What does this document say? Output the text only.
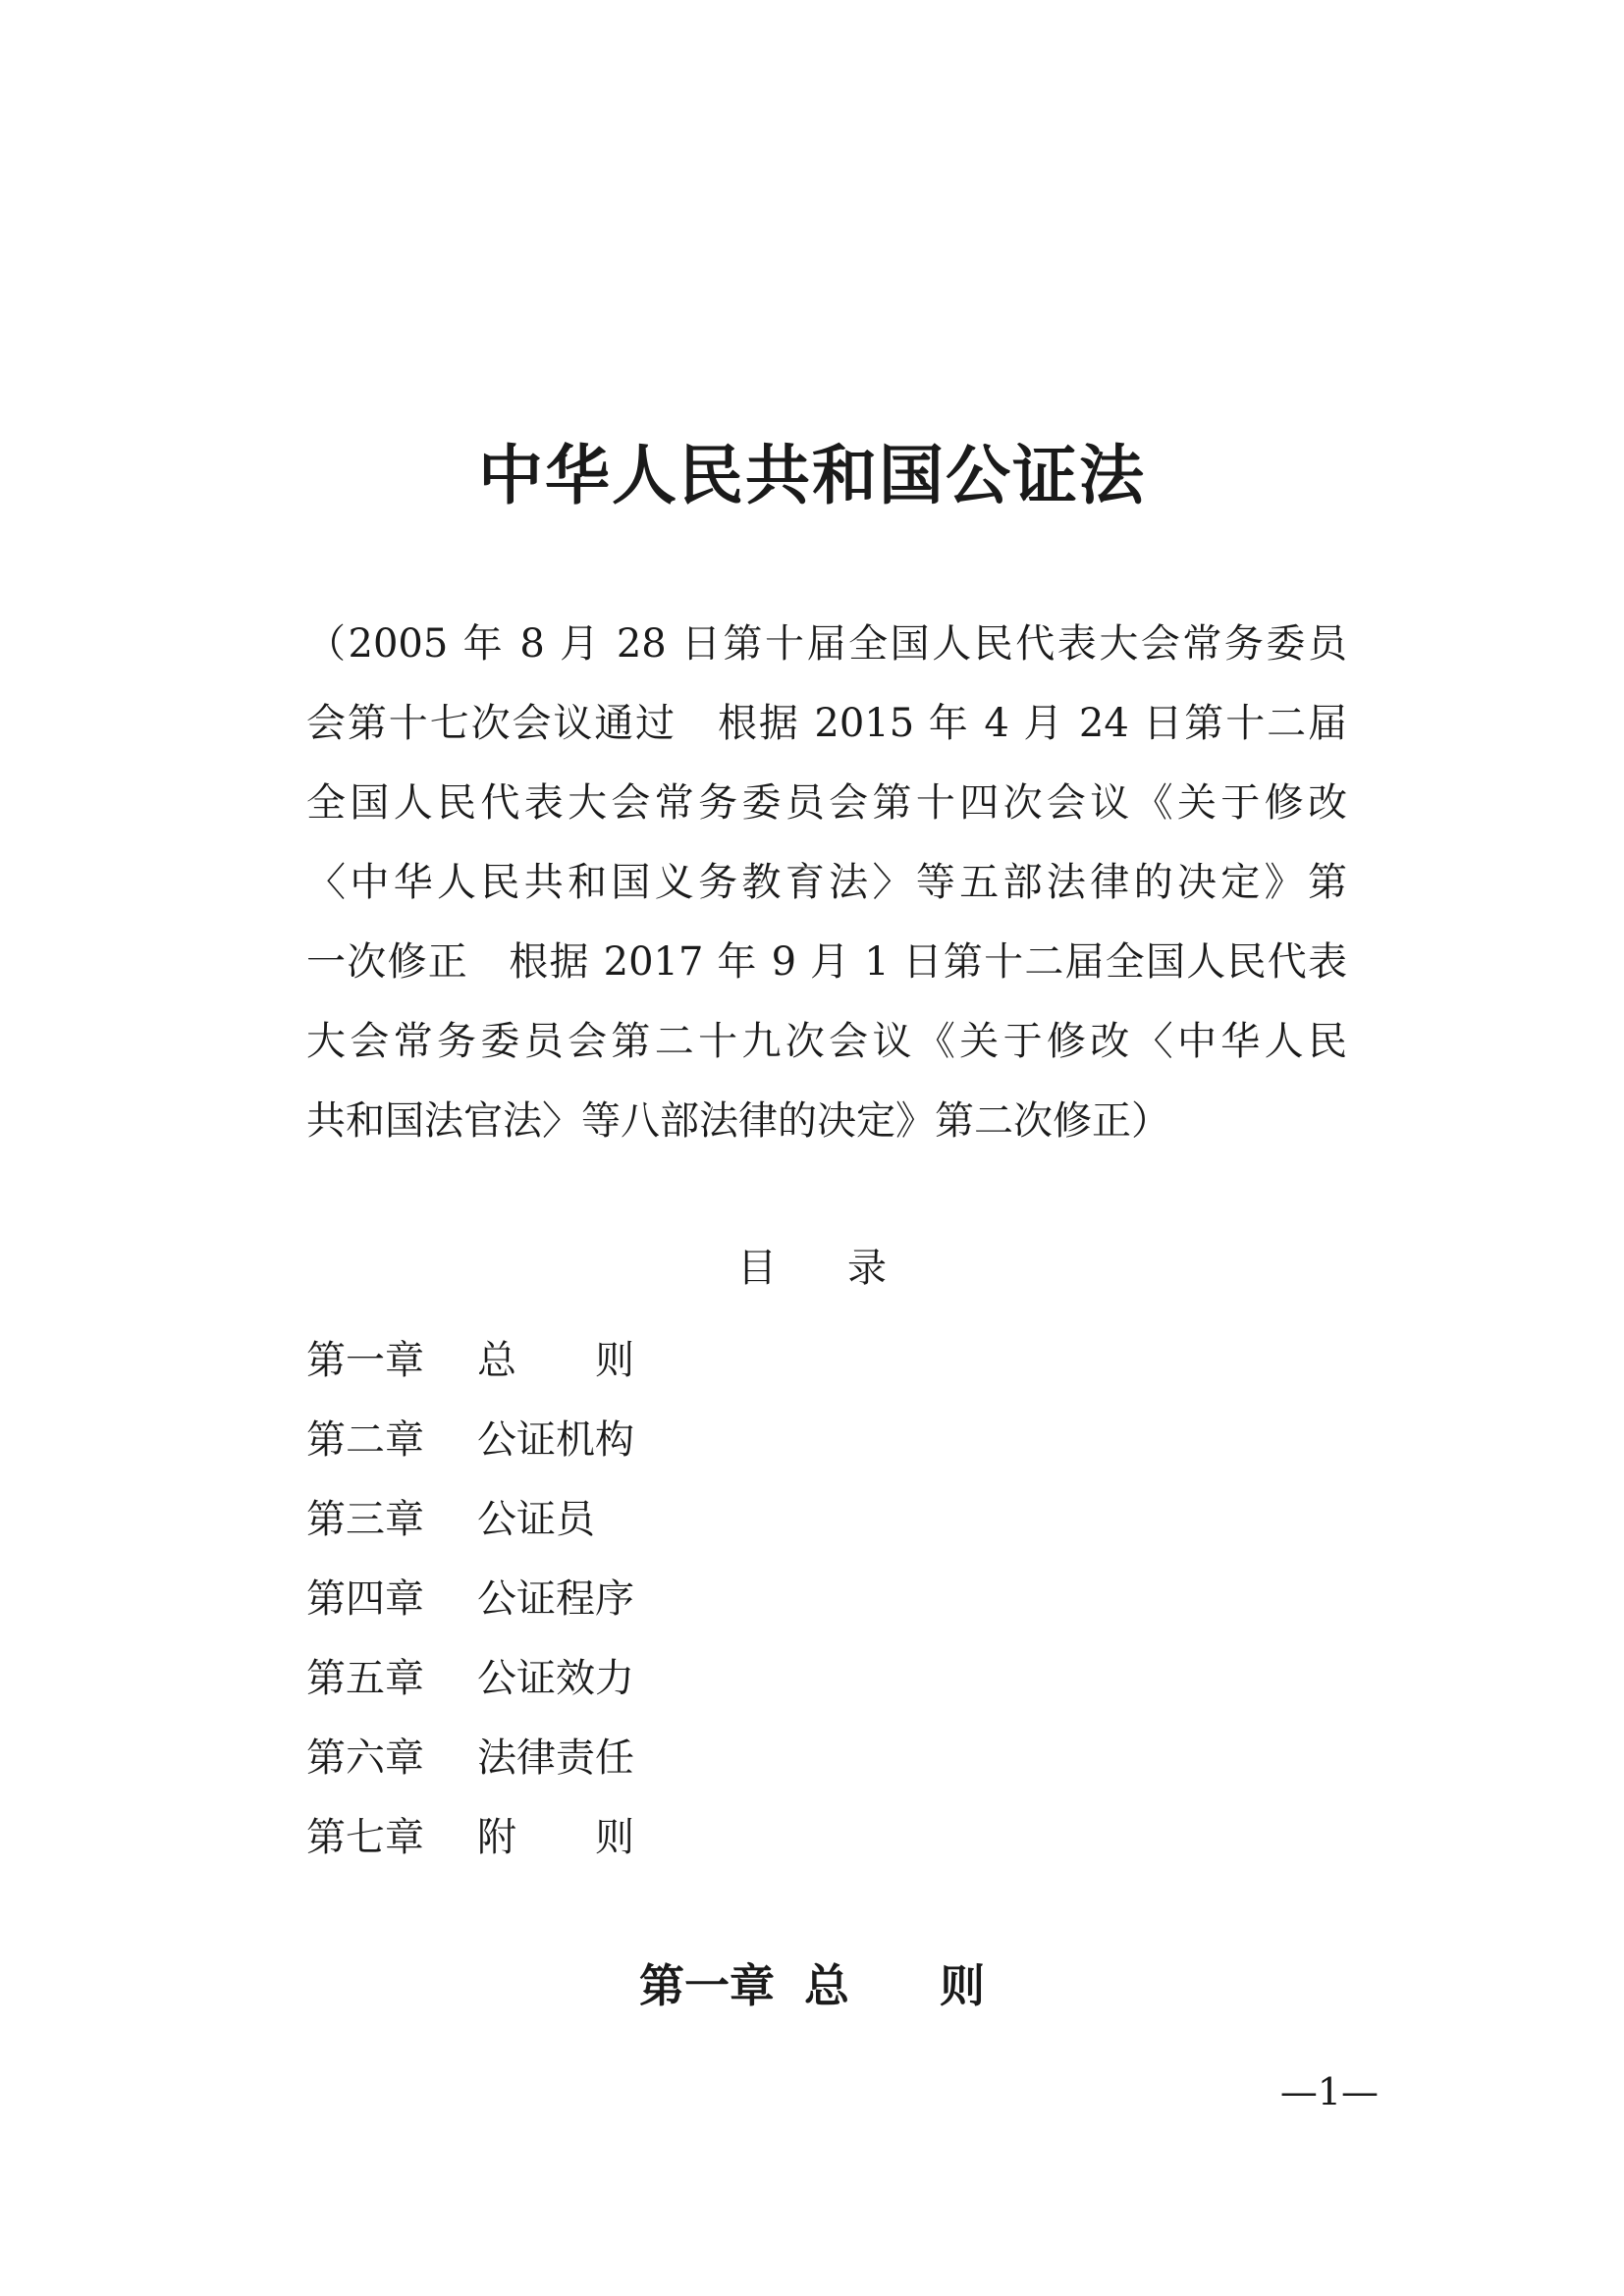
中华人民共和国公证法
（2005 年 8 月 28 日第十届全国人民代表大会常务委员
会第十七次会议通过　根据 2015 年 4 月 24 日第十二届
全国人民代表大会常务委员会第十四次会议《关于修改
〈中华人民共和国义务教育法〉等五部法律的决定》第
一次修正　根据 2017 年 9 月 1 日第十二届全国人民代表
大会常务委员会第二十九次会议《关于修改〈中华人民
共和国法官法〉等八部法律的决定》第二次修正）
目 录
第一章 总　　则
第二章 公证机构
第三章 公证员
第四章 公证程序
第五章 公证效力
第六章 法律责任
第七章 附　　则
第一章 总　　则
—1—
